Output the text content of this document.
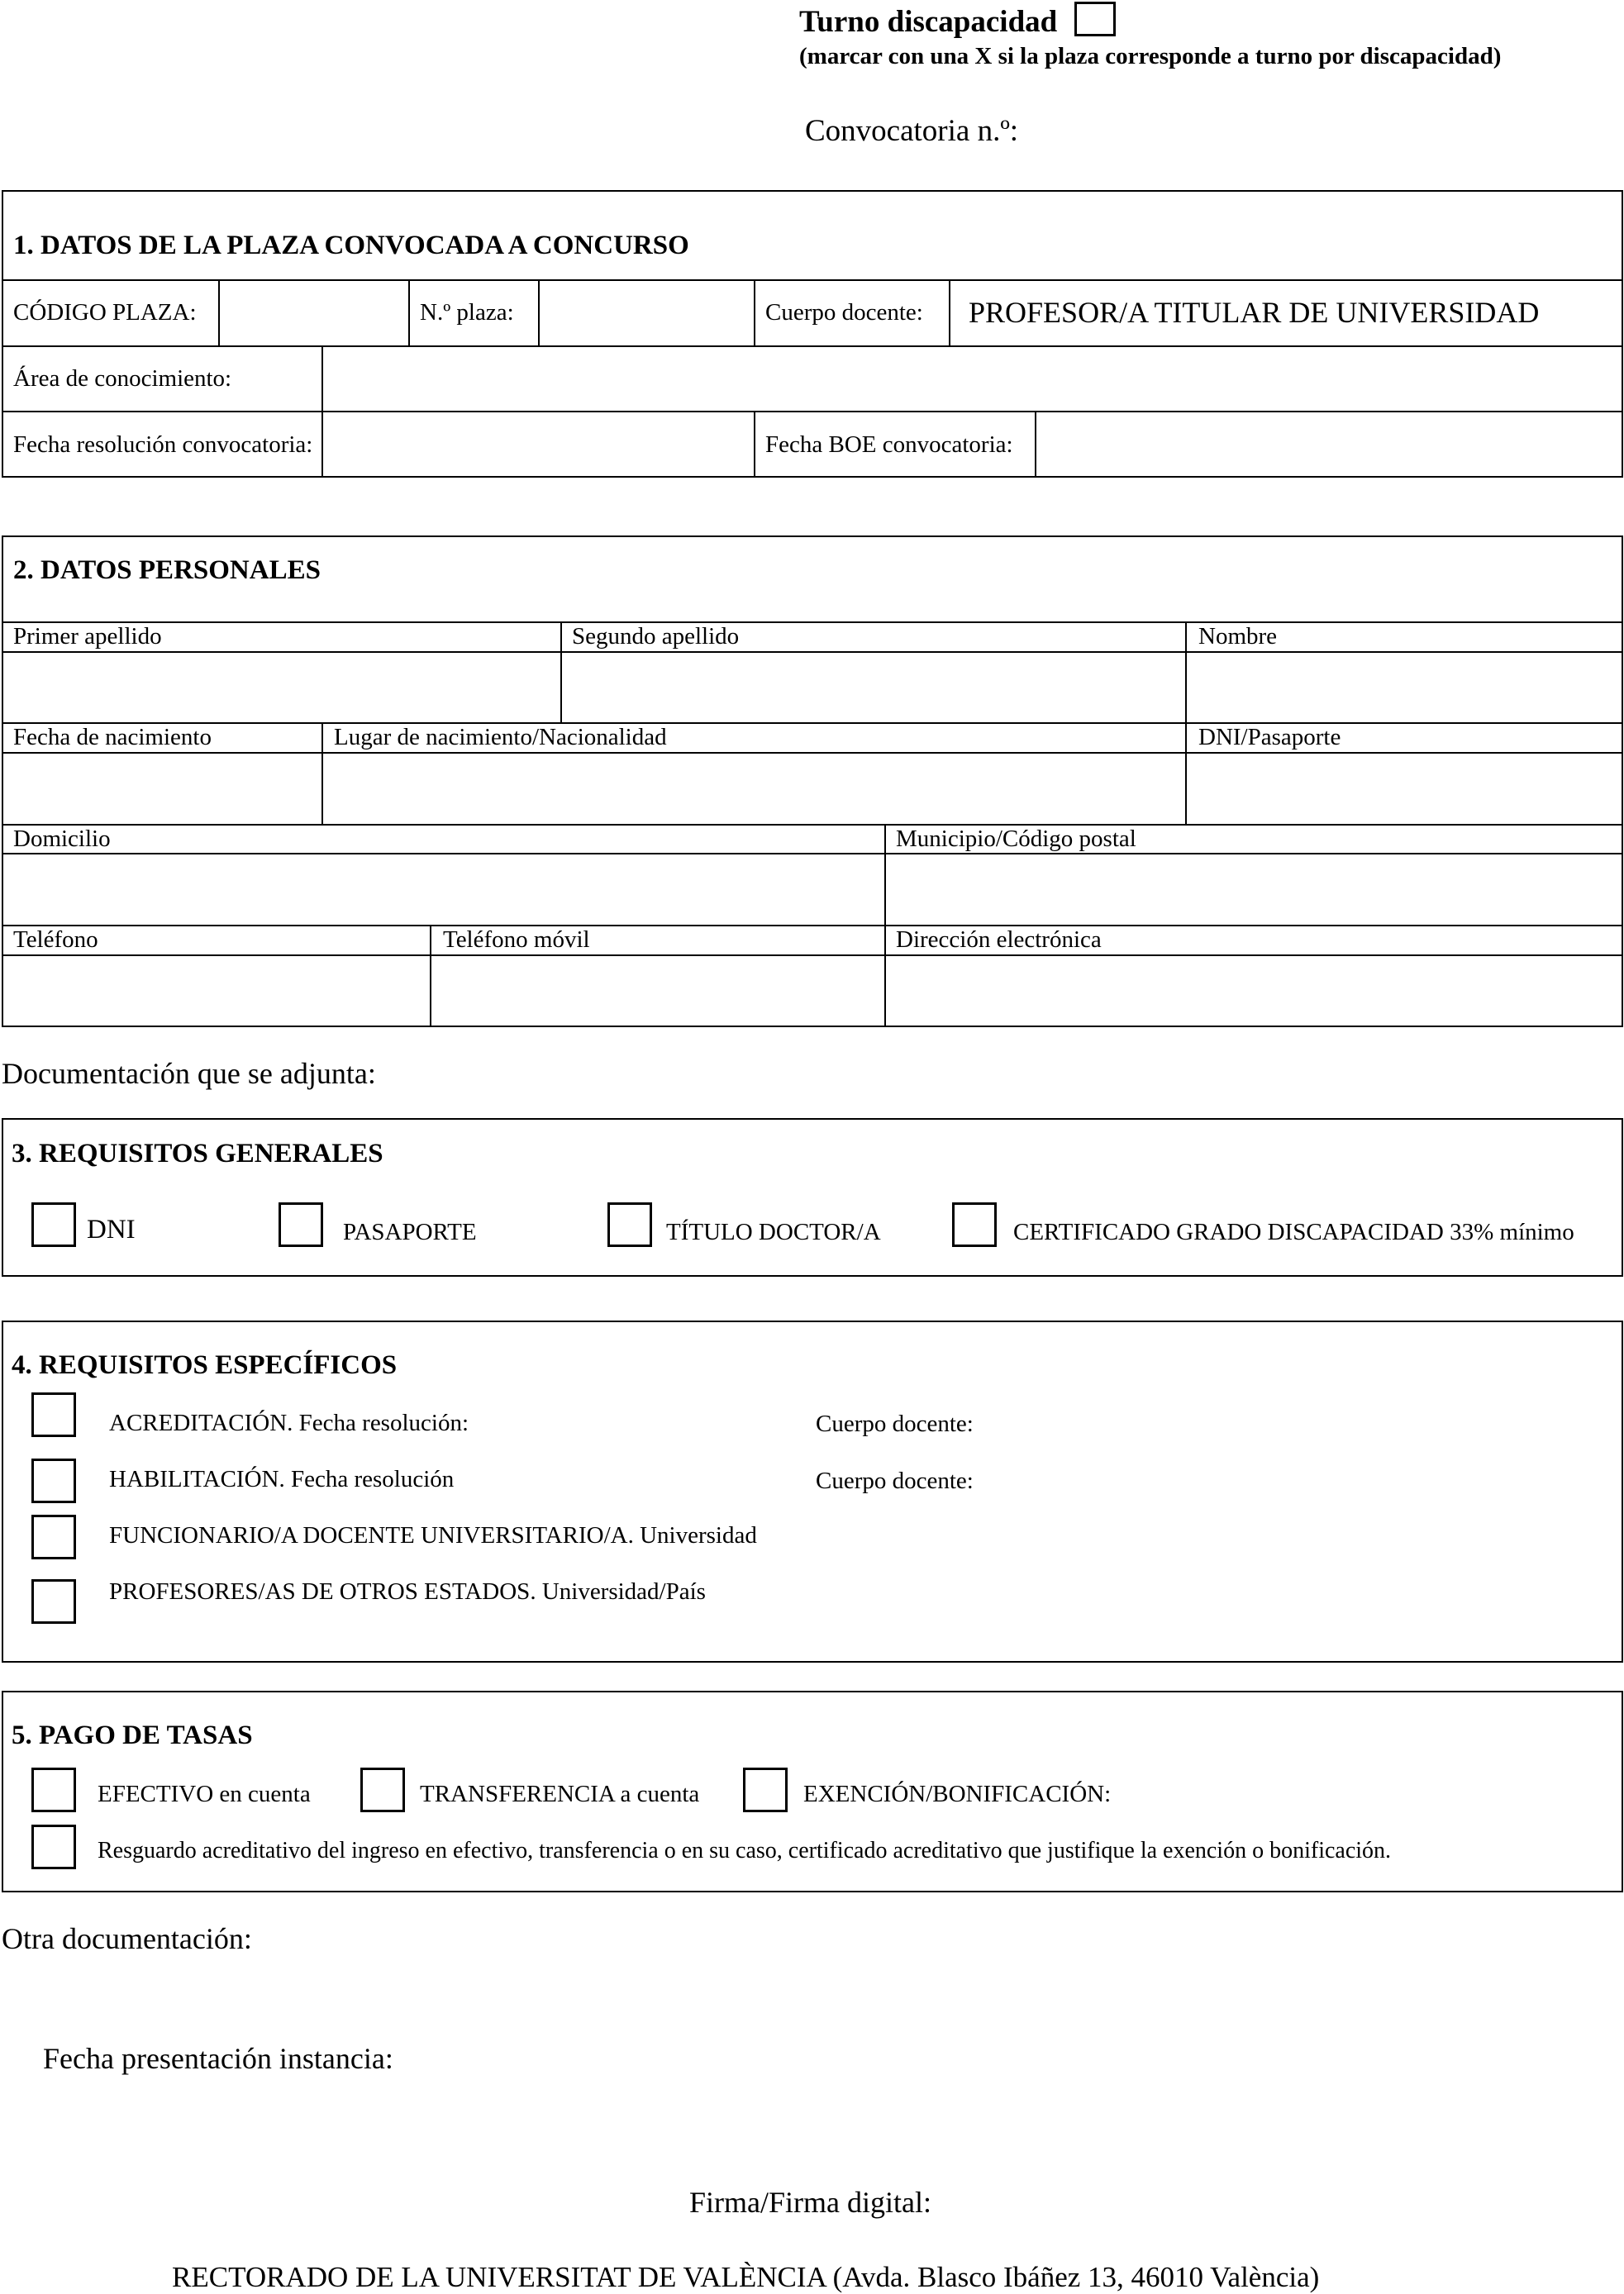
Turno discapacidad
(marcar con una X si la plaza corresponde a turno por discapacidad)
Convocatoria n.º:
1. DATOS DE LA PLAZA CONVOCADA A CONCURSO
CÓDIGO PLAZA:	N.º plaza:	Cuerpo docente: PROFESOR/A TITULAR DE UNIVERSIDAD
Área de conocimiento:
Fecha resolución convocatoria:	Fecha BOE convocatoria:
2. DATOS PERSONALES
Primer apellido	Segundo apellido	Nombre
Fecha de nacimiento	Lugar de nacimiento/Nacionalidad	DNI/Pasaporte
Domicilio	Municipio/Código postal
Teléfono	Teléfono móvil	Dirección electrónica
Documentación que se adjunta:
3. REQUISITOS GENERALES
DNI	PASAPORTE	TÍTULO DOCTOR/A	CERTIFICADO GRADO DISCAPACIDAD 33% mínimo
4. REQUISITOS ESPECÍFICOS
ACREDITACIÓN. Fecha resolución:	Cuerpo docente:
HABILITACIÓN. Fecha resolución	Cuerpo docente:
FUNCIONARIO/A DOCENTE UNIVERSITARIO/A. Universidad
PROFESORES/AS DE OTROS ESTADOS. Universidad/País
5. PAGO DE TASAS
EFECTIVO en cuenta	TRANSFERENCIA a cuenta	EXENCIÓN/BONIFICACIÓN:
Resguardo acreditativo del ingreso en efectivo, transferencia o en su caso, certificado acreditativo que justifique la exención o bonificación.
Otra documentación:
Fecha presentación instancia:
Firma/Firma digital:
RECTORADO DE LA UNIVERSITAT DE VALÈNCIA (Avda. Blasco Ibáñez 13, 46010 València)
